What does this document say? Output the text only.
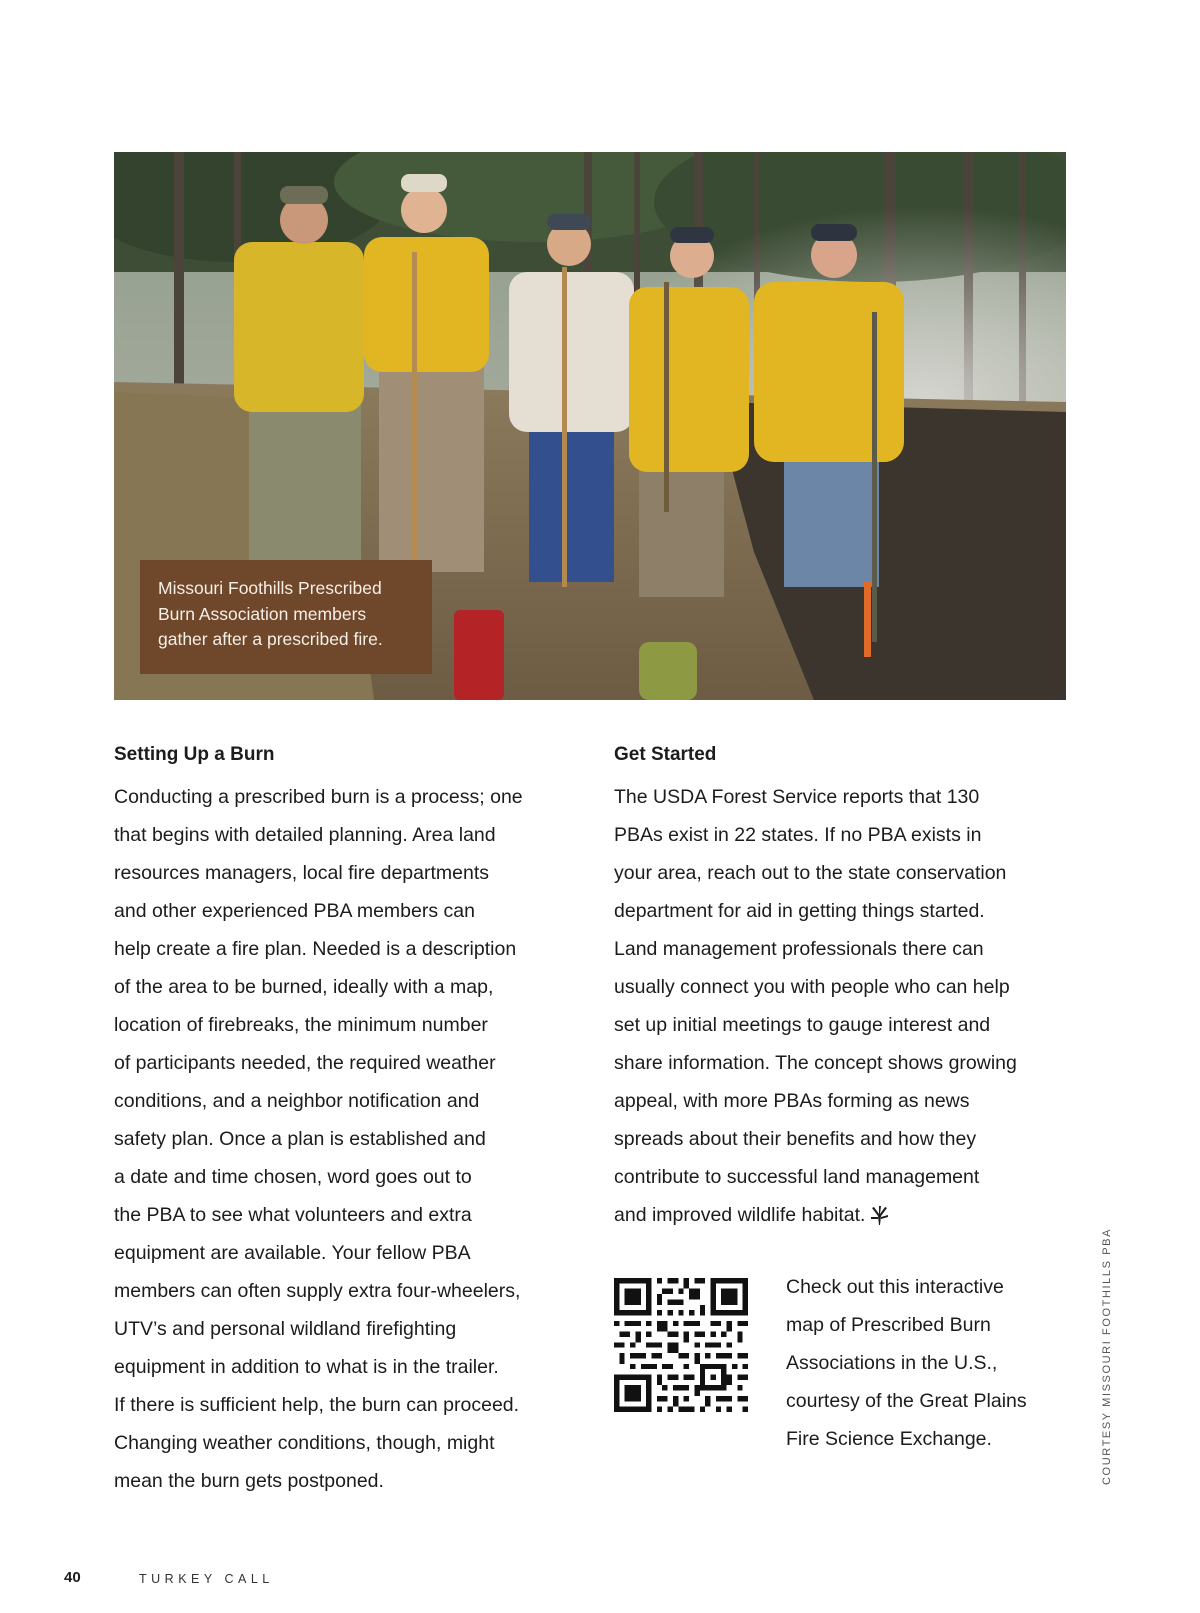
Missouri Foothills Prescribed
Burn Association members
gather after a prescribed fire.
Setting Up a Burn
Conducting a prescribed burn is a process; one
that begins with detailed planning. Area land
resources managers, local fire departments
and other experienced PBA members can
help create a fire plan. Needed is a description
of the area to be burned, ideally with a map,
location of firebreaks, the minimum number
of participants needed, the required weather
conditions, and a neighbor notification and
safety plan. Once a plan is established and
a date and time chosen, word goes out to
the PBA to see what volunteers and extra
equipment are available. Your fellow PBA
members can often supply extra four-wheelers,
UTV’s and personal wildland firefighting
equipment in addition to what is in the trailer.
If there is sufficient help, the burn can proceed.
Changing weather conditions, though, might
mean the burn gets postponed.
Get Started
The USDA Forest Service reports that 130
PBAs exist in 22 states. If no PBA exists in
your area, reach out to the state conservation
department for aid in getting things started.
Land management professionals there can
usually connect you with people who can help
set up initial meetings to gauge interest and
share information. The concept shows growing
appeal, with more PBAs forming as news
spreads about their benefits and how they
contribute to successful land management
and improved wildlife habitat.
Check out this interactive
map of Prescribed Burn
Associations in the U.S.,
courtesy of the Great Plains
Fire Science Exchange.	COURTESY MISSOURI FOOTHILLS PBA
40	TURKEY CALL
